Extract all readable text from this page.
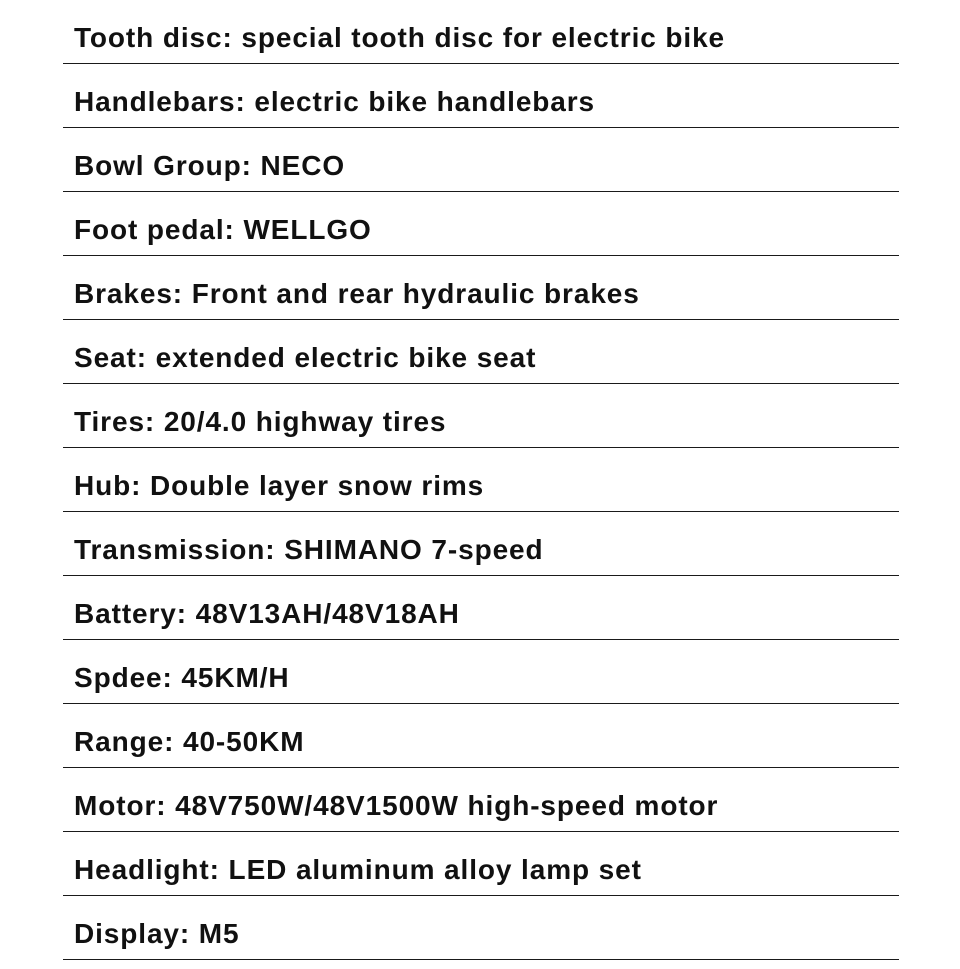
Tooth disc: special tooth disc for electric bike
Handlebars: electric bike handlebars
Bowl Group: NECO
Foot pedal: WELLGO
Brakes: Front and rear hydraulic brakes
Seat: extended electric bike seat
Tires: 20/4.0 highway tires
Hub: Double layer snow rims
Transmission: SHIMANO 7-speed
Battery: 48V13AH/48V18AH
Spdee: 45KM/H
Range: 40-50KM
Motor: 48V750W/48V1500W high-speed motor
Headlight: LED aluminum alloy lamp set
Display: M5
